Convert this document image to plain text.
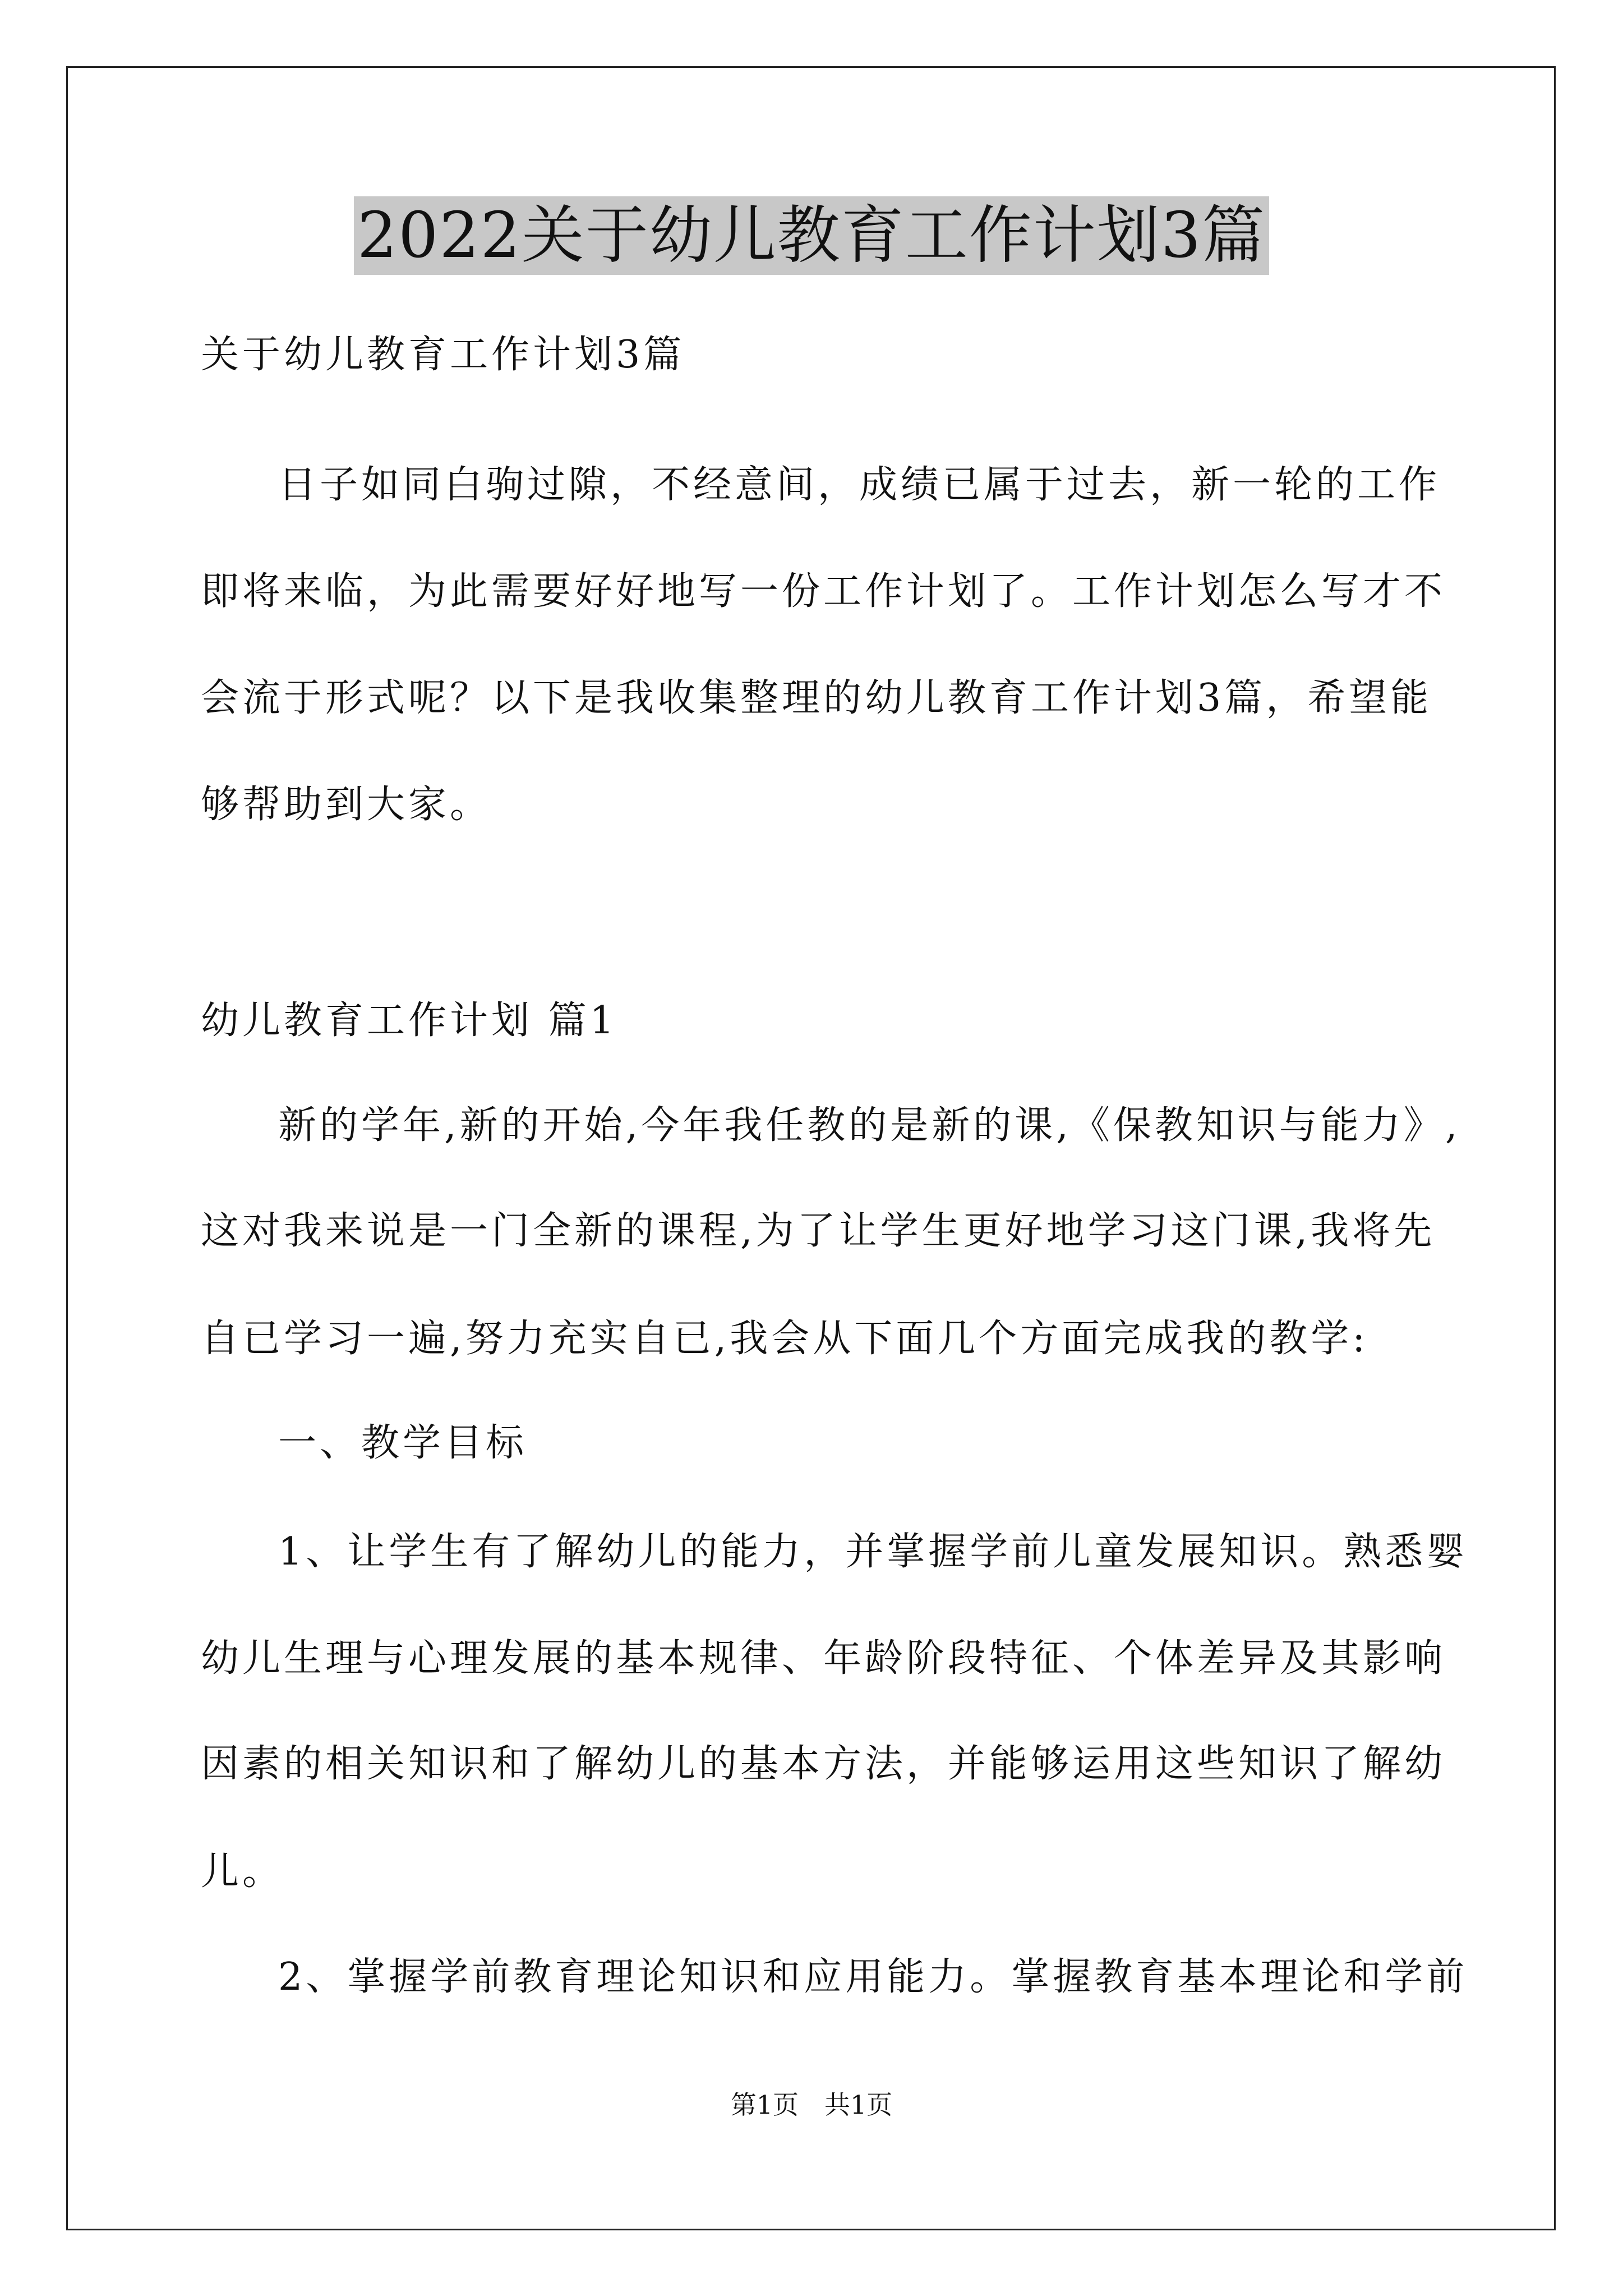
2022关于幼儿教育工作计划3篇
关于幼儿教育工作计划3篇
日子如同白驹过隙，不经意间，成绩已属于过去，新一轮的工作
即将来临，为此需要好好地写一份工作计划了。工作计划怎么写才不
会流于形式呢？以下是我收集整理的幼儿教育工作计划3篇，希望能
够帮助到大家。
幼儿教育工作计划 篇1
新的学年,新的开始,今年我任教的是新的课,《保教知识与能力》,
这对我来说是一门全新的课程,为了让学生更好地学习这门课,我将先
自已学习一遍,努力充实自已,我会从下面几个方面完成我的教学:
一、教学目标
1、让学生有了解幼儿的能力，并掌握学前儿童发展知识。熟悉婴
幼儿生理与心理发展的基本规律、年龄阶段特征、个体差异及其影响
因素的相关知识和了解幼儿的基本方法，并能够运用这些知识了解幼
儿。
2、掌握学前教育理论知识和应用能力。掌握教育基本理论和学前
第1页　共1页
